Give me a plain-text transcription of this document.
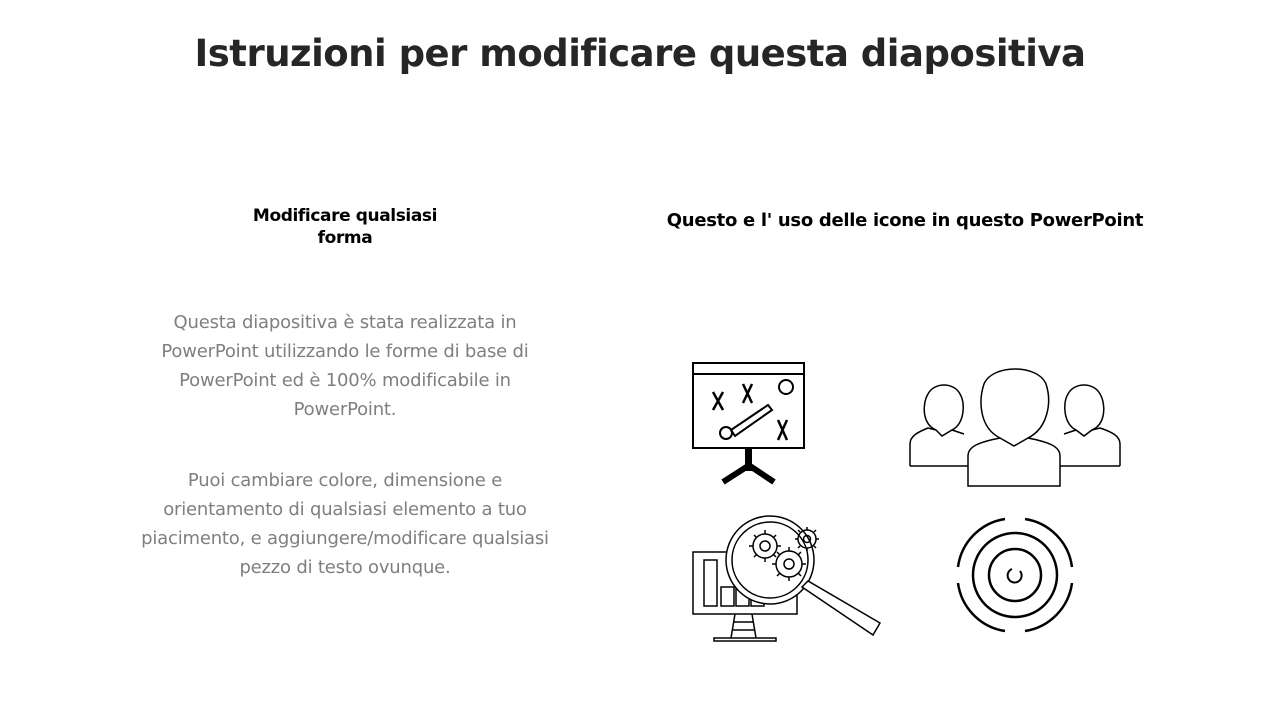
Istruzioni per modificare questa diapositiva
Modificare qualsiasi forma
Questo e l' uso delle icone in questo PowerPoint
Questa diapositiva è stata realizzata in PowerPoint utilizzando le forme di base di PowerPoint ed è 100% modificabile in PowerPoint.
Puoi cambiare colore, dimensione e orientamento di qualsiasi elemento a tuo piacimento, e aggiungere/modificare qualsiasi pezzo di testo ovunque.
